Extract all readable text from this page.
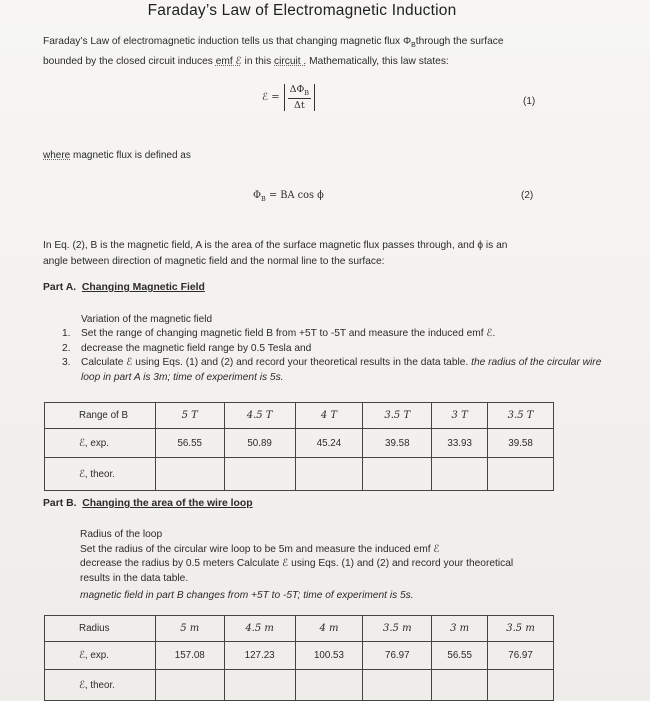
Faraday’s Law of Electromagnetic Induction
Faraday’s Law of electromagnetic induction tells us that changing magnetic flux $\Phi_Bthrough$ the surface
bounded by the closed circuit induces emf ℰ in this circuit . Mathematically, this law states:
ℰ = $\frac{\Delta\Phi_B}{\Delta t}$	(1)
where magnetic flux is defined as
$\Phi_B$ = BA cos ϕ	(2)
In Eq. (2), B is the magnetic field, A is the area of the surface magnetic flux passes through, and ϕ is an
angle between direction of magnetic field and the normal line to the surface:
Part A. Changing Magnetic Field
Variation of the magnetic field
1.	Set the range of changing magnetic field B from +5T to -5T and measure the induced emf ℰ.
2.	decrease the magnetic field range by 0.5 Tesla and
3.	Calculate ℰ using Eqs. (1) and (2) and record your theoretical results in the data table. the radius of the circular wire loop in part A is 3m; time of experiment is 5s.
Range of B	5 T	4.5 T	4 T	3.5 T	3 T	3.5 T
ℰ, exp.	56.55	50.89	45.24	39.58	33.93	39.58
ℰ, theor.						
Part B. Changing the area of the wire loop
Radius of the loop
Set the radius of the circular wire loop to be 5m and measure the induced emf ℰ
decrease the radius by 0.5 meters Calculate ℰ using Eqs. (1) and (2) and record your theoretical
results in the data table.
magnetic field in part B changes from +5T to -5T; time of experiment is 5s.
Radius	5 m	4.5 m	4 m	3.5 m	3 m	3.5 m
ℰ, exp.	157.08	127.23	100.53	76.97	56.55	76.97
ℰ, theor.						
